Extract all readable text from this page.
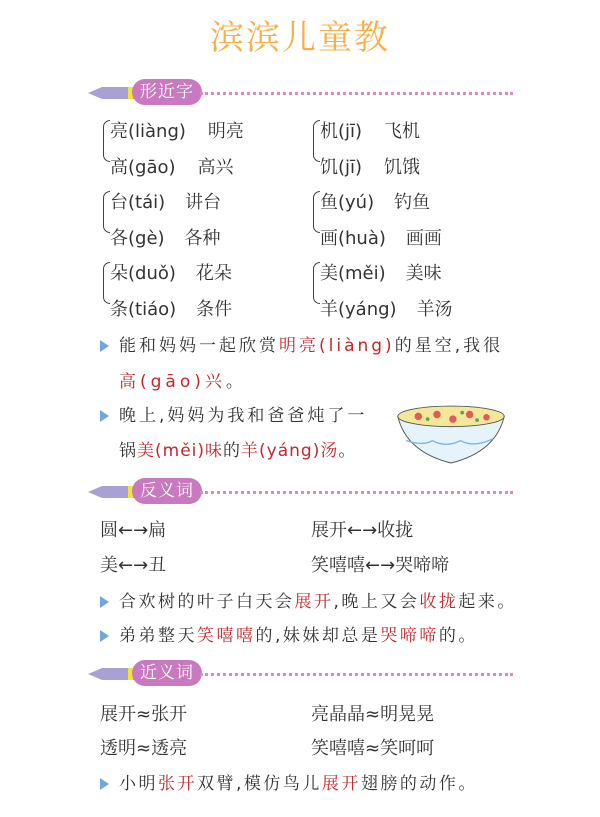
滨滨儿童教
形近字
亮(liàng) 明亮
高(gāo) 高兴
机(jī) 飞机
饥(jī) 饥饿
台(tái) 讲台
各(gè) 各种
鱼(yú) 钓鱼
画(huà) 画画
朵(duǒ) 花朵
条(tiáo) 条件
美(měi) 美味
羊(yáng) 羊汤
能和妈妈一起欣赏明亮(liàng)的星空,我很
高(gāo)兴。
晚上,妈妈为我和爸爸炖了一
锅美(měi)味的羊(yáng)汤。
反义词
圆←→扁	展开←→收拢
美←→丑	笑嘻嘻←→哭啼啼
合欢树的叶子白天会展开,晚上又会收拢起来。
弟弟整天笑嘻嘻的,妹妹却总是哭啼啼的。
近义词
展开≈张开	亮晶晶≈明晃晃
透明≈透亮	笑嘻嘻≈笑呵呵
小明张开双臂,模仿鸟儿展开翅膀的动作。
